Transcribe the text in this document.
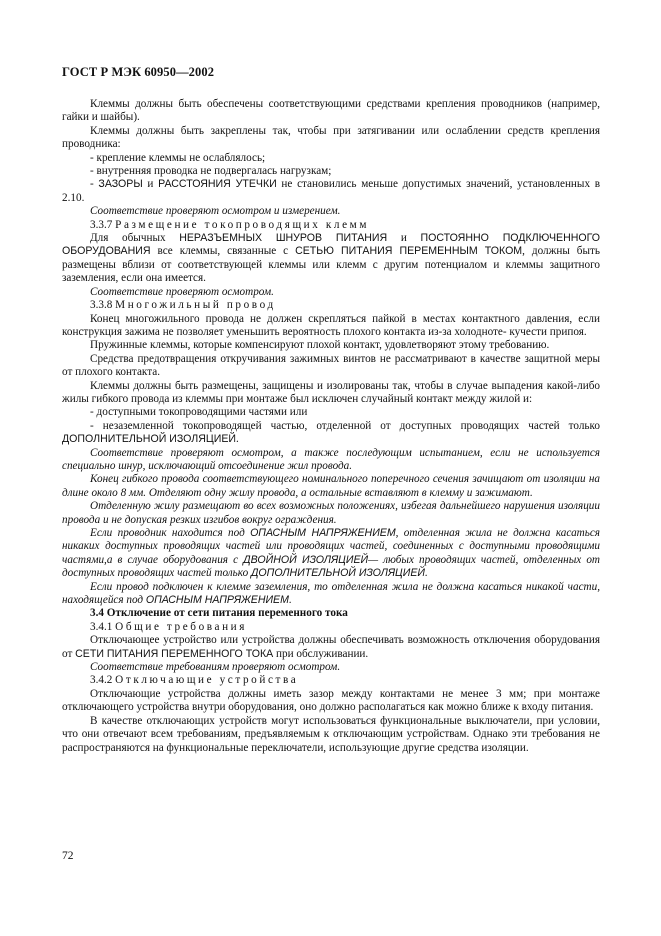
ГОСТ Р МЭК 60950—2002

Клеммы должны быть обеспечены соответствующими средствами крепления проводников (например, гайки и шайбы).

Клеммы должны быть закреплены так, чтобы при затягивании или ослаблении средств крепления проводника:

- крепление клеммы не ослаблялось;

- внутренняя проводка не подвергалась нагрузкам;

- ЗАЗОРЫ и РАССТОЯНИЯ УТЕЧКИ не становились меньше допустимых значений, установленных в 2.10.

Соответствие проверяют осмотром и измерением.

3.3.7 Размещение токопроводящих клемм

Для обычных НЕРАЗЪЕМНЫХ ШНУРОВ ПИТАНИЯ и ПОСТОЯННО ПОДКЛЮЧЕННОГО ОБОРУДОВАНИЯ все клеммы, связанные с СЕТЬЮ ПИТАНИЯ ПЕРЕМЕННЫМ ТОКОМ, должны быть размещены вблизи от соответствующей клеммы или клемм с другим потенциалом и клеммы защитного заземления, если она имеется.

Соответствие проверяют осмотром.

3.3.8 Многожильный провод

Конец многожильного провода не должен скрепляться пайкой в местах контактного давления, если конструкция зажима не позволяет уменьшить вероятность плохого контакта из-за холодноте- кучести припоя.

Пружинные клеммы, которые компенсируют плохой контакт, удовлетворяют этому требованию.

Средства предотвращения откручивания зажимных винтов не рассматривают в качестве защитной меры от плохого контакта.

Клеммы должны быть размещены, защищены и изолированы так, чтобы в случае выпадения какой-либо жилы гибкого провода из клеммы при монтаже был исключен случайный контакт между жилой и:

- доступными токопроводящими частями или

- незаземленной токопроводящей частью, отделенной от доступных проводящих частей только ДОПОЛНИТЕЛЬНОЙ ИЗОЛЯЦИЕЙ.

Соответствие проверяют осмотром, а также последующим испытанием, если не используется специально шнур, исключающий отсоединение жил провода.

Конец гибкого провода соответствующего номинального поперечного сечения зачищают от изоляции на длине около 8 мм. Отделяют одну жилу провода, а остальные вставляют в клемму и зажимают.

Отделенную жилу размещают во всех возможных положениях, избегая дальнейшего нарушения изоляции провода и не допуская резких изгибов вокруг ограждения.

Если проводник находится под ОПАСНЫМ НАПРЯЖЕНИЕМ, отделенная жила не должна касаться никаких доступных проводящих частей или проводящих частей, соединенных с доступными проводящими частями,а в случае оборудования с ДВОЙНОЙ ИЗОЛЯЦИЕЙ— любых проводящих частей, отделенных от доступных проводящих частей только ДОПОЛНИТЕЛЬНОЙ ИЗОЛЯЦИЕЙ.

Если провод подключен к клемме заземления, то отделенная жила не должна касаться никакой части, находящейся под ОПАСНЫМ НАПРЯЖЕНИЕМ.

3.4 Отключение от сети питания переменного тока

3.4.1 Общие требования

Отключающее устройство или устройства должны обеспечивать возможность отключения оборудования от СЕТИ ПИТАНИЯ ПЕРЕМЕННОГО ТОКА при обслуживании.

Соответствие требованиям проверяют осмотром.

3.4.2 Отключающие устройства

Отключающие устройства должны иметь зазор между контактами не менее 3 мм; при монтаже отключающего устройства внутри оборудования, оно должно располагаться как можно ближе к входу питания.

В качестве отключающих устройств могут использоваться функциональные выключатели, при условии, что они отвечают всем требованиям, предъявляемым к отключающим устройствам. Однако эти требования не распространяются на функциональные переключатели, использующие другие средства изоляции.

72
